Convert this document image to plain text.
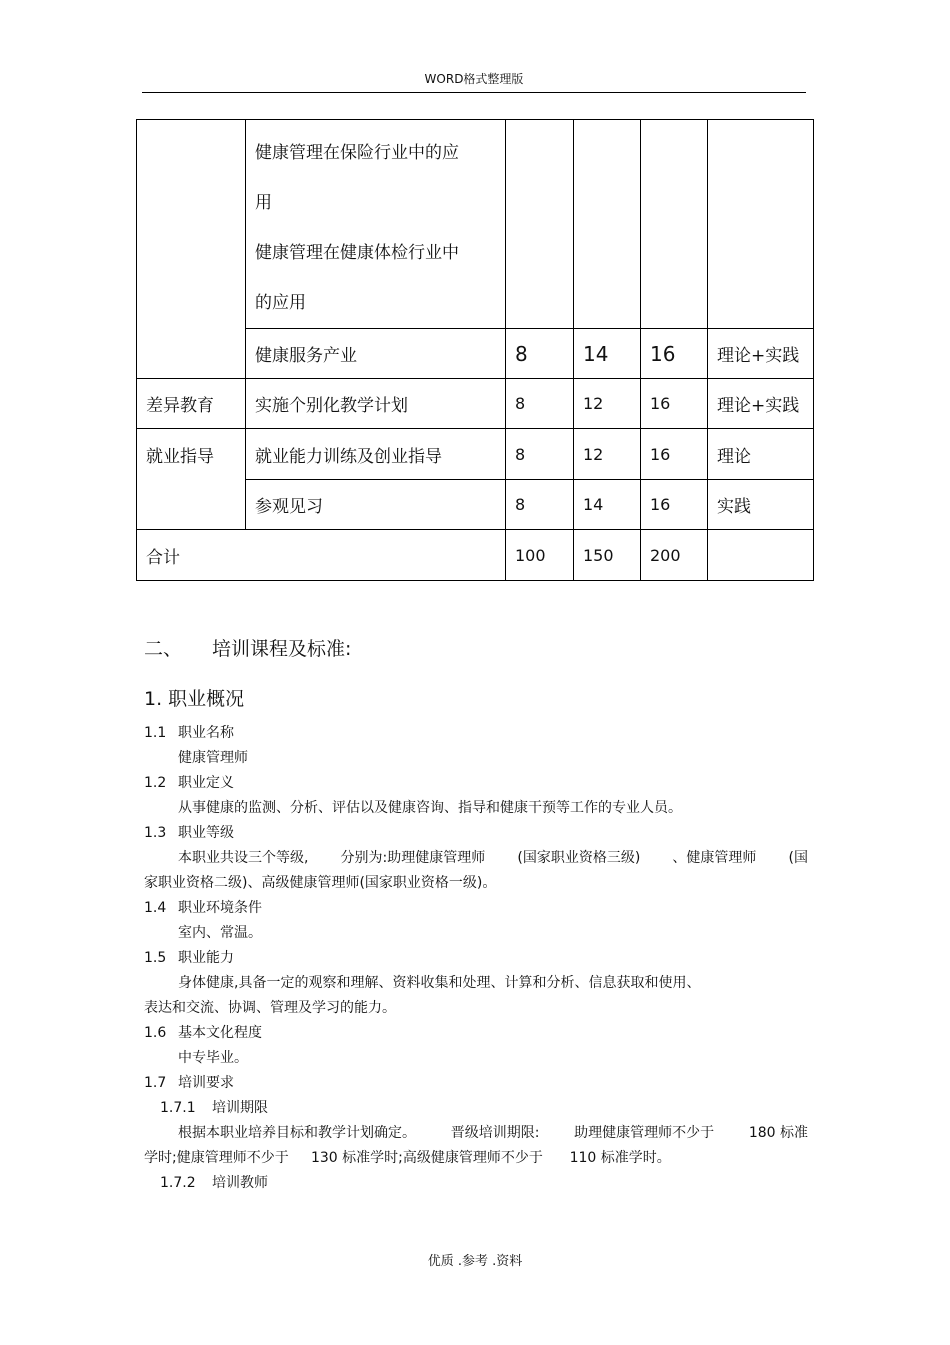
WORD格式整理版

	健康管理在保险行业中的应
用
健康管理在健康体检行业中
的应用				

	健康服务产业	8	14	16	理论+实践
差异教育	实施个别化教学计划	8	12	16	理论+实践
就业指导	就业能力训练及创业指导	8	12	16	理论
	参观见习	8	14	16	实践
合计		100	150	200	
二、 培训课程及标准:
1. 职业概况
1.1 职业名称
健康管理师
1.2 职业定义
从事健康的监测、分析、评估以及健康咨询、指导和健康干预等工作的专业人员。
1.3 职业等级
本职业共设三个等级, 分别为:助理健康管理师 (国家职业资格三级) 、健康管理师 (国
家职业资格二级)、高级健康管理师(国家职业资格一级)。
1.4 职业环境条件
室内、常温。
1.5 职业能力
身体健康,具备一定的观察和理解、资料收集和处理、计算和分析、信息获取和使用、
表达和交流、协调、管理及学习的能力。
1.6 基本文化程度
中专毕业。
1.7 培训要求
1.7.1 培训期限
根据本职业培养目标和教学计划确定。 晋级培训期限: 助理健康管理师不少于 180 标准
学时;健康管理师不少于 130 标准学时;高级健康管理师不少于 110 标准学时。
1.7.2 培训教师
优质 .参考 .资料
